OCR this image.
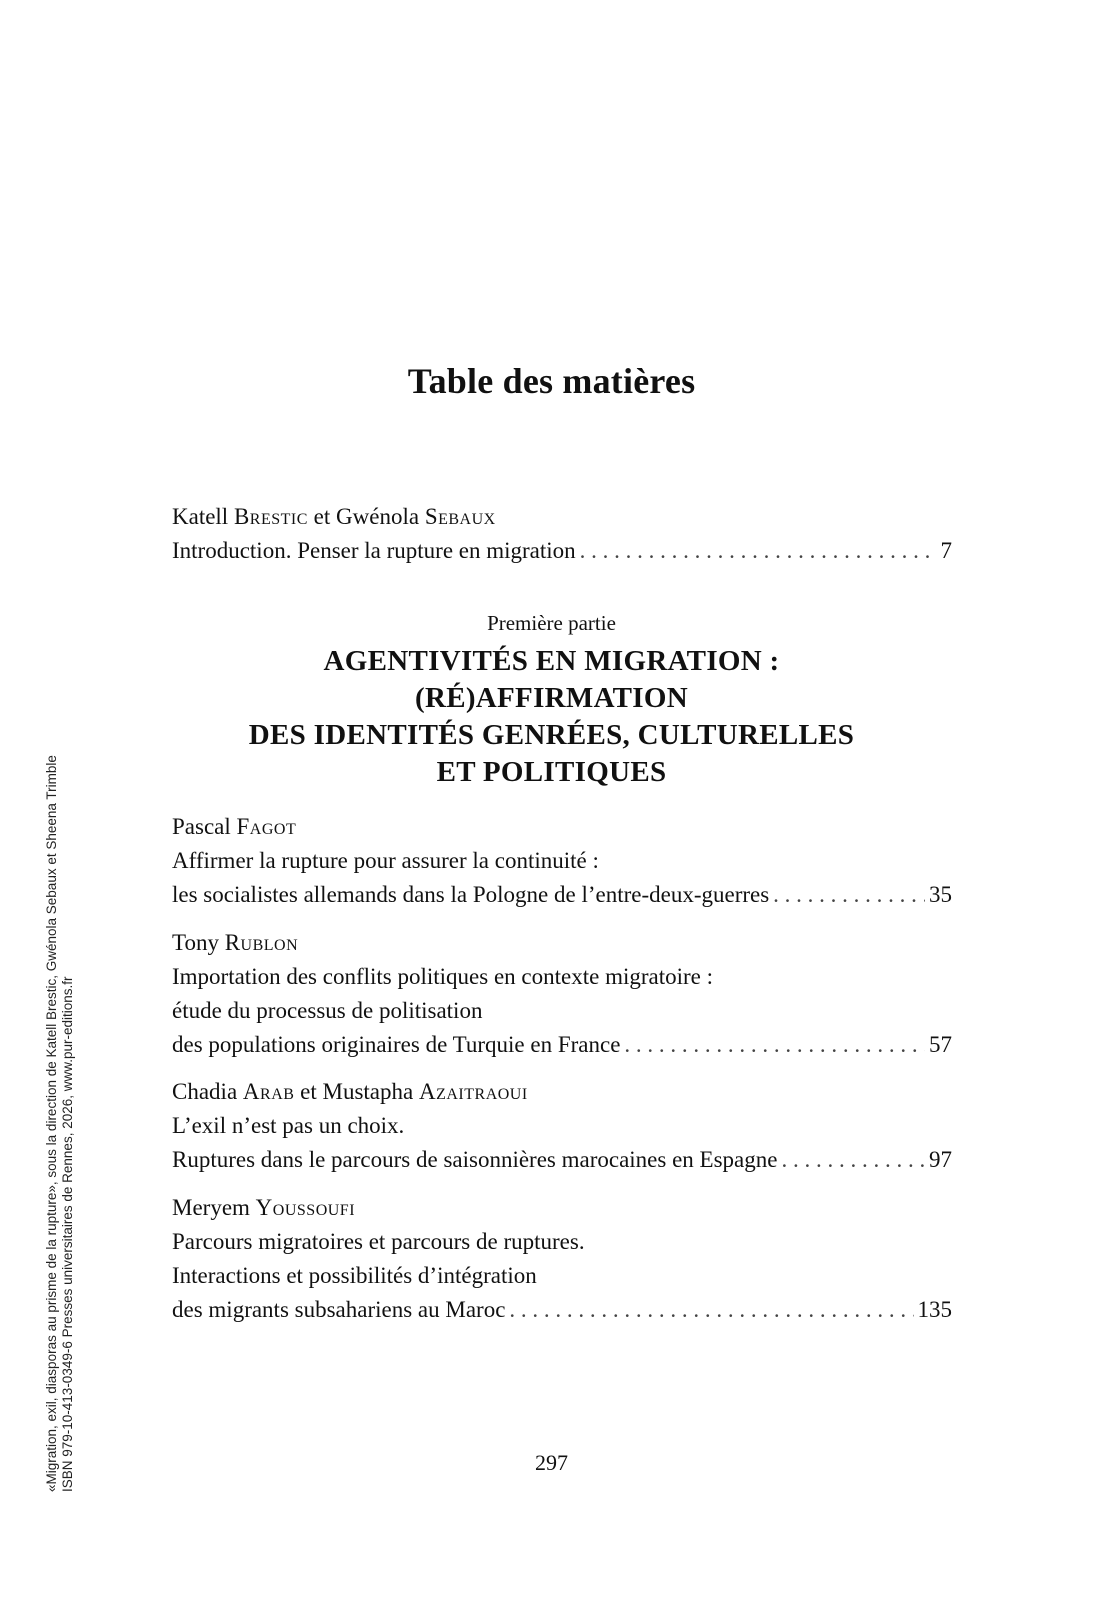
Table des matières
Katell Brestic et Gwénola Sebaux
Introduction. Penser la rupture en migration . . .	7
Première partie
AGENTIVITÉS EN MIGRATION :
(RÉ)AFFIRMATION
DES IDENTITÉS GENRÉES, CULTURELLES
ET POLITIQUES
Pascal Fagot
Affirmer la rupture pour assurer la continuité :
les socialistes allemands dans la Pologne de l’entre-deux-guerres . . .	35
Tony Rublon
Importation des conflits politiques en contexte migratoire :
étude du processus de politisation
des populations originaires de Turquie en France . . .	57
Chadia Arab et Mustapha Azaitraoui
L’exil n’est pas un choix.
Ruptures dans le parcours de saisonnières marocaines en Espagne . . .	97
Meryem Youssoufi
Parcours migratoires et parcours de ruptures.
Interactions et possibilités d’intégration
des migrants subsahariens au Maroc . . .	135
297
«Migration, exil, diasporas au prisme de la rupture», sous la direction de Katell Brestic, Gwénola Sebaux et Sheena Trimble ISBN 979-10-413-0349-6 Presses universitaires de Rennes, 2026, www.pur-editions.fr
